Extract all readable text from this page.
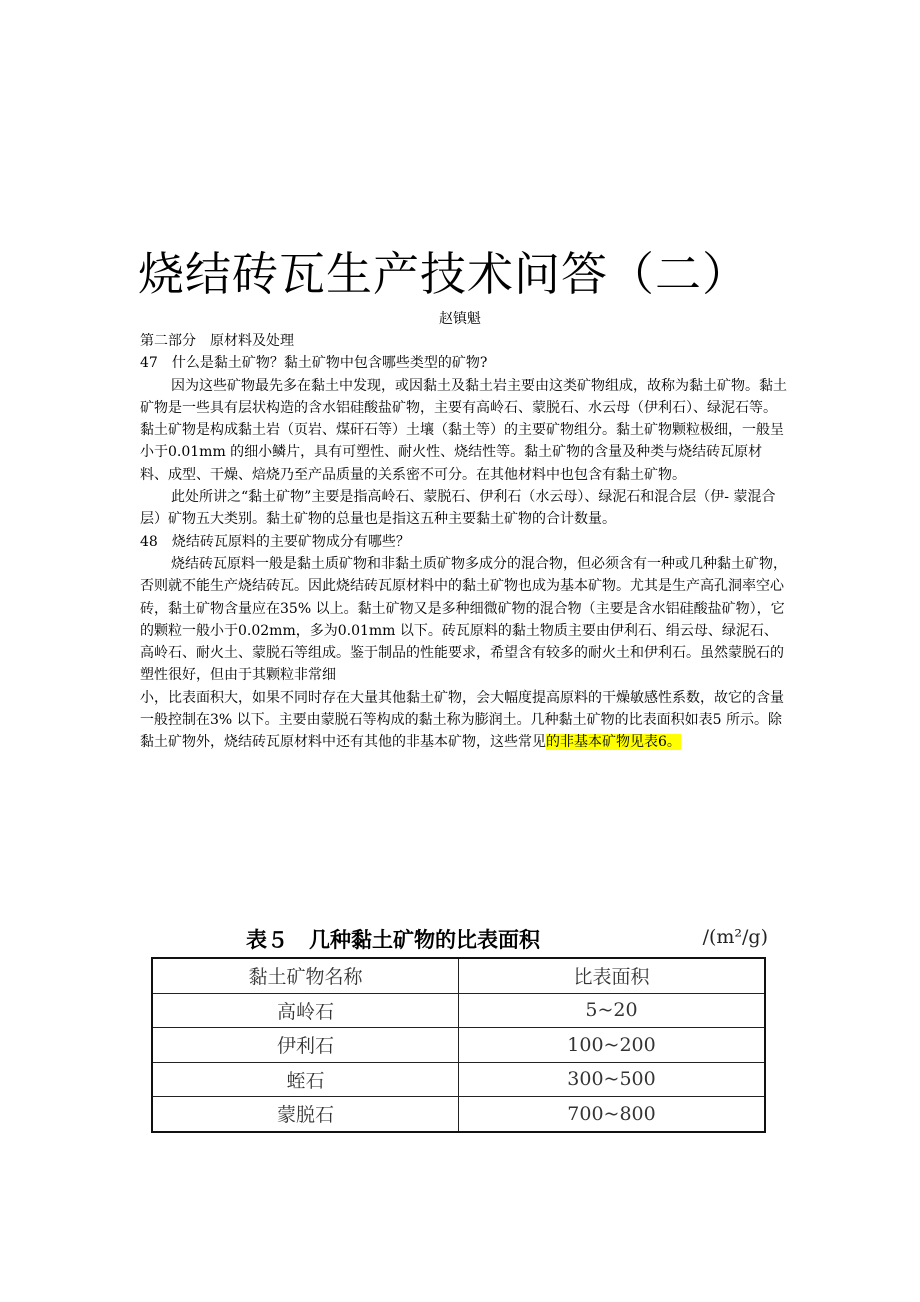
烧结砖瓦生产技术问答（二）
赵镇魁

第二部分　原材料及处理

47　什么是黏土矿物？黏土矿物中包含哪些类型的矿物?

因为这些矿物最先多在黏土中发现，或因黏土及黏土岩主要由这类矿物组成，故称为黏土矿物。黏土矿物是一些具有层状构造的含水铝硅酸盐矿物，主要有高岭石、蒙脱石、水云母（伊利石）、绿泥石等。黏土矿物是构成黏土岩（页岩、煤矸石等）土壤（黏土等）的主要矿物组分。黏土矿物颗粒极细，一般呈小于0.01mm 的细小鳞片，具有可塑性、耐火性、烧结性等。黏土矿物的含量及种类与烧结砖瓦原材料、成型、干燥、焙烧乃至产品质量的关系密不可分。在其他材料中也包含有黏土矿物。

此处所讲之“黏土矿物”主要是指高岭石、蒙脱石、伊利石（水云母）、绿泥石和混合层（伊- 蒙混合层）矿物五大类别。黏土矿物的总量也是指这五种主要黏土矿物的合计数量。

48　烧结砖瓦原料的主要矿物成分有哪些？

烧结砖瓦原料一般是黏土质矿物和非黏土质矿物多成分的混合物，但必须含有一种或几种黏土矿物，否则就不能生产烧结砖瓦。因此烧结砖瓦原材料中的黏土矿物也成为基本矿物。尤其是生产高孔洞率空心砖，黏土矿物含量应在35% 以上。黏土矿物又是多种细微矿物的混合物（主要是含水铝硅酸盐矿物），它的颗粒一般小于0.02mm，多为0.01mm 以下。砖瓦原料的黏土物质主要由伊利石、绢云母、绿泥石、高岭石、耐火土、蒙脱石等组成。鉴于制品的性能要求，希望含有较多的耐火土和伊利石。虽然蒙脱石的塑性很好，但由于其颗粒非常细

小，比表面积大，如果不同时存在大量其他黏土矿物，会大幅度提高原料的干燥敏感性系数，故它的含量一般控制在3% 以下。主要由蒙脱石等构成的黏土称为膨润土。几种黏土矿物的比表面积如表5 所示。除黏土矿物外，烧结砖瓦原材料中还有其他的非基本矿物，这些常见的非基本矿物见表6。

表５　几种黏土矿物的比表面积	/(m²/g)
黏土矿物名称	比表面积
高岭石	5~20
伊利石	100~200
蛭石	300~500
蒙脱石	700~800
